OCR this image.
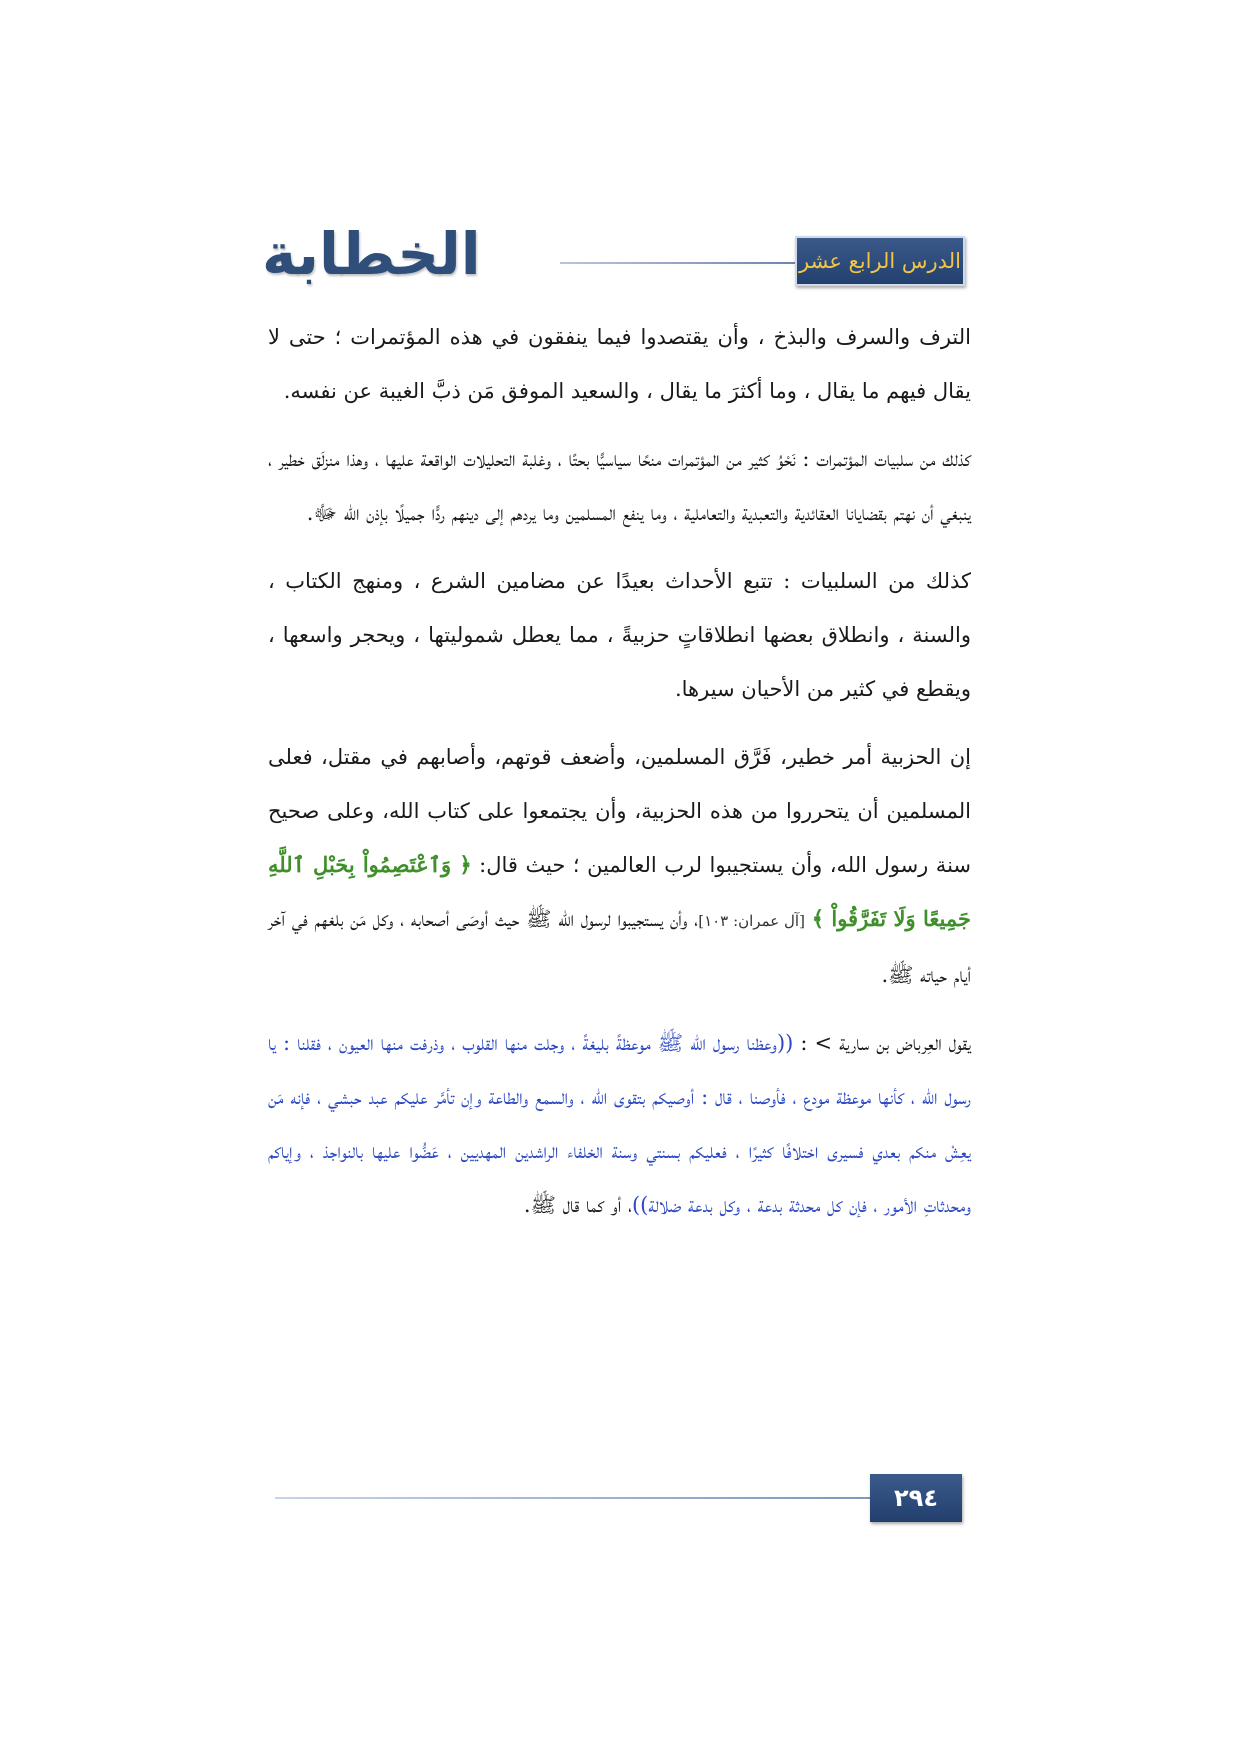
الخطابة	الدرس الرابع عشر

الترف والسرف والبذخ ، وأن يقتصدوا فيما ينفقون في هذه المؤتمرات ؛ حتى لا يقال فيهم ما يقال ، وما أكثرَ ما يقال ، والسعيد الموفق مَن ذبَّ الغيبة عن نفسه.

كذلك من سلبيات المؤتمرات : نَحْوُ كثير من المؤتمرات منحًا سياسيًّا بحتًا ، وغلبة التحليلات الواقعة عليها ، وهذا منزلَق خطير ، ينبغي أن نهتم بقضايانا العقائدية والتعبدية والتعاملية ، وما ينفع المسلمين وما يردهم إلى دينهم ردًّا جميلًا بإذن الله ﷻ.

كذلك من السلبيات : تتبع الأحداث بعيدًا عن مضامين الشرع ، ومنهج الكتاب ، والسنة ، وانطلاق بعضها انطلاقاتٍ حزبيةً ، مما يعطل شموليتها ، ويحجر واسعها ، ويقطع في كثير من الأحيان سيرها.

إن الحزبية أمر خطير، فَرَّق المسلمين، وأضعف قوتهم، وأصابهم في مقتل، فعلى المسلمين أن يتحرروا من هذه الحزبية، وأن يجتمعوا على كتاب الله، وعلى صحيح سنة رسول الله، وأن يستجيبوا لرب العالمين ؛ حيث قال: ﴿ وَٱعْتَصِمُواْ بِحَبْلِ ٱللَّهِ جَمِيعًا وَلَا تَفَرَّقُواْ ﴾ [آل عمران: ١٠٣]، وأن يستجيبوا لرسول الله ﷺ حيث أوصَى أصحابه ، وكل مَن بلغهم في آخر أيام حياته ﷺ.

يقول العِرباض بن سارية > : ((وعظنا رسول الله ﷺ موعظةً بليغةً ، وجلت منها القلوب ، وذرفت منها العيون ، فقلنا : يا رسول الله ، كأنها موعظة مودع ، فأوصنا ، قال : أوصيكم بتقوى الله ، والسمع والطاعة وإن تأمَّر عليكم عبد حبشي ، فإنه مَن يعِشْ منكم بعدي فسيرى اختلافًا كثيرًا ، فعليكم بسنتي وسنة الخلفاء الراشدين المهديين ، عَضُّوا عليها بالنواجذ ، وإياكم ومحدثاتِ الأمور ، فإن كل محدثة بدعة ، وكل بدعة ضلالة))، أو كما قال ﷺ.

٢٩٤
